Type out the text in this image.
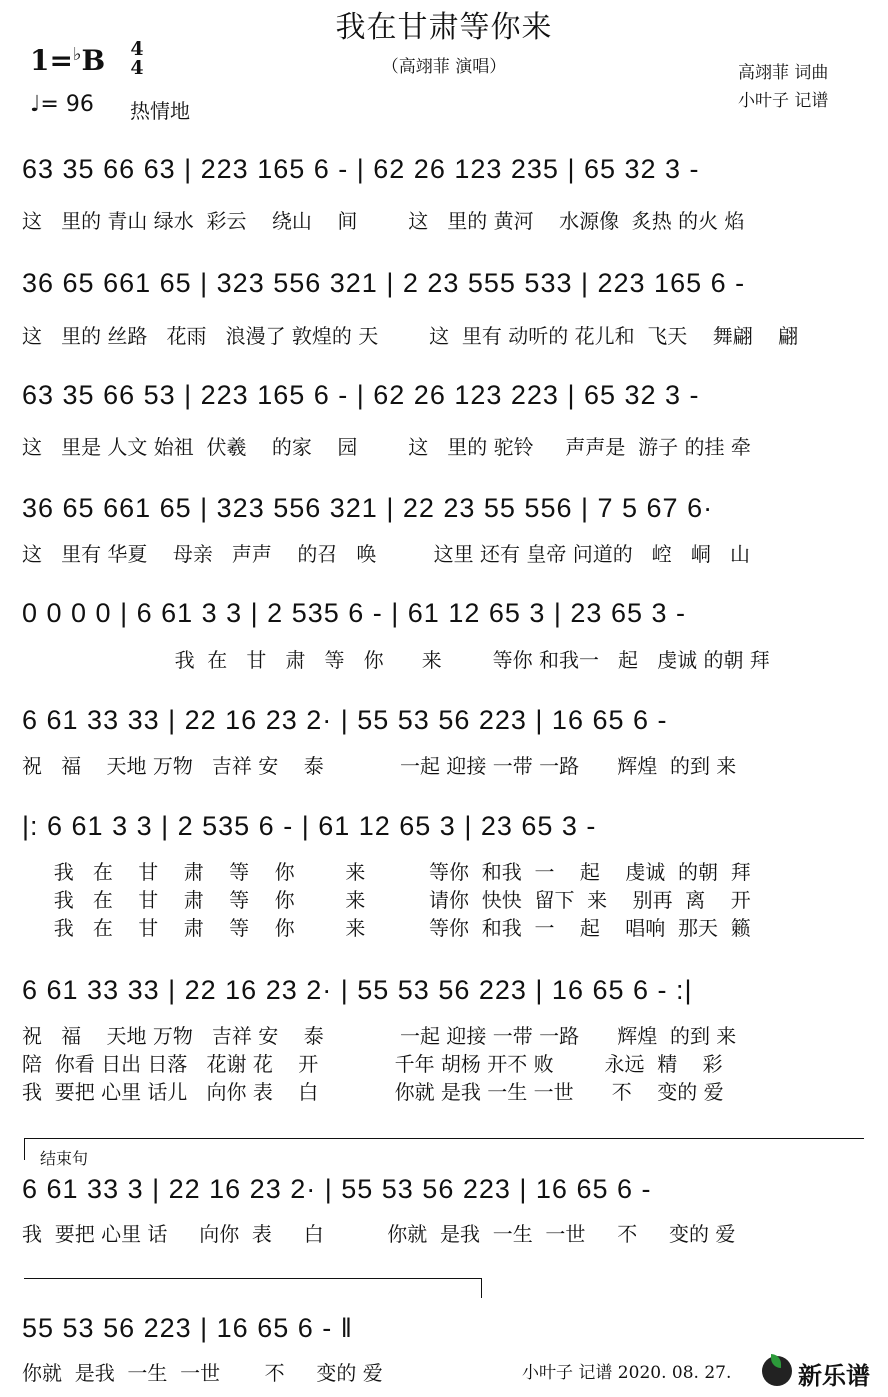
我在甘肃等你来
（高翊菲 演唱）
1=♭B 4
4
♩= 96 热情地
高翊菲 词曲
小叶子 记谱
63 35 66 63 | 223 165 6 - | 62 26 123 235 | 65 32 3 -
这   里的 青山 绿水  彩云    绕山    间        这   里的 黄河    水源像  炙热 的火 焰
36 65 661 65 | 323 556 321 | 2 23 555 533 | 223 165 6 -
这   里的 丝路   花雨   浪漫了 敦煌的 天        这  里有 动听的 花儿和  飞天    舞翩    翩
63 35 66 53 | 223 165 6 - | 62 26 123 223 | 65 32 3 -
这   里是 人文 始祖  伏羲    的家    园        这   里的 驼铃     声声是  游子 的挂 牵
36 65 661 65 | 323 556 321 | 22 23 55 556 | 7 5 67 6·
这   里有 华夏    母亲   声声    的召   唤         这里 还有 皇帝 问道的   崆   峒   山
0 0 0 0 | 6 61 3 3 | 2 535 6 - | 61 12 65 3 | 23 65 3 -
我  在   甘   肃   等   你      来        等你 和我一   起   虔诚 的朝 拜
6 61 33 33 | 22 16 23 2· | 55 53 56 223 | 16 65 6 -
祝   福    天地 万物   吉祥 安    泰            一起 迎接 一带 一路      辉煌  的到 来
|: 6 61 3 3 | 2 535 6 - | 61 12 65 3 | 23 65 3 -
我   在    甘    肃    等    你        来          等你  和我  一    起    虔诚  的朝  拜
我   在    甘    肃    等    你        来          请你  快快  留下  来    别再  离    开
我   在    甘    肃    等    你        来          等你  和我  一    起    唱响  那天  籁
6 61 33 33 | 22 16 23 2· | 55 53 56 223 | 16 65 6 - :|
祝   福    天地 万物   吉祥 安    泰            一起 迎接 一带 一路      辉煌  的到 来
陪  你看 日出 日落   花谢 花    开            千年 胡杨 开不 败        永远  精    彩
我  要把 心里 话儿   向你 表    白            你就 是我 一生 一世      不    变的 爱
结束句
6 61 33 3 | 22 16 23 2· | 55 53 56 223 | 16 65 6 -
我  要把 心里 话     向你  表     白          你就  是我  一生  一世     不     变的 爱
55 53 56 223 | 16 65 6 - ‖
你就  是我  一生  一世       不     变的 爱	小叶子 记谱 2020. 08. 27.	新乐谱
